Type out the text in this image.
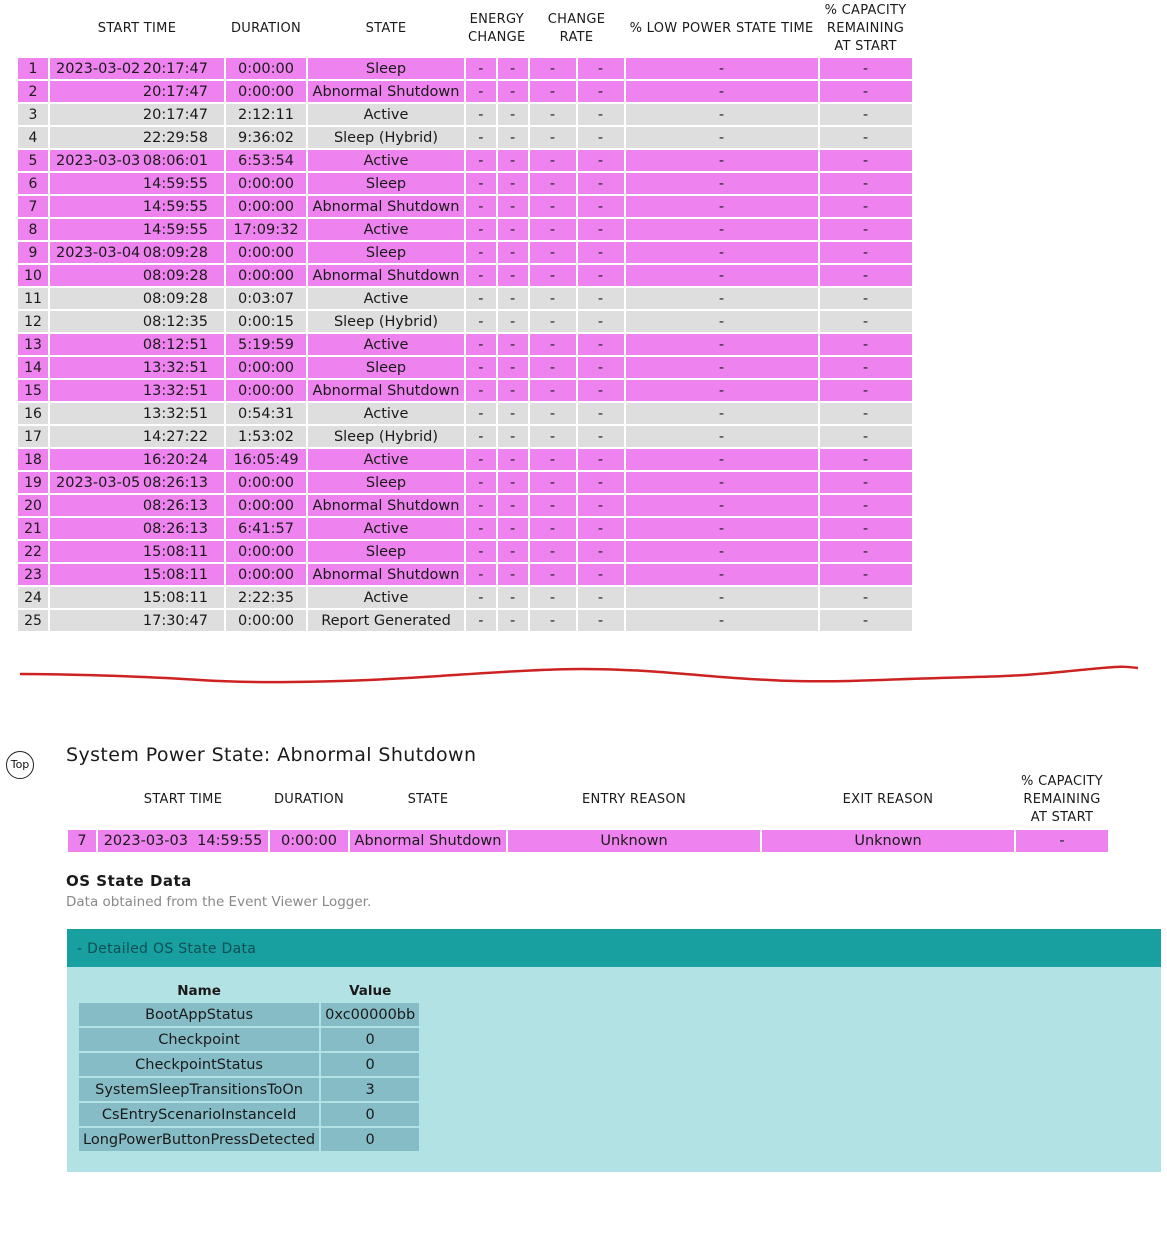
	START TIME	DURATION	STATE	ENERGY CHANGE		CHANGE RATE		% LOW POWER STATE TIME	% CAPACITY REMAINING AT START
1	2023-03-02 20:17:47	0:00:00	Sleep	-	-	-	-	-	-
2	20:17:47	0:00:00	Abnormal Shutdown	-	-	-	-	-	-
3	20:17:47	2:12:11	Active	-	-	-	-	-	-
4	22:29:58	9:36:02	Sleep (Hybrid)	-	-	-	-	-	-
5	2023-03-03 08:06:01	6:53:54	Active	-	-	-	-	-	-
6	14:59:55	0:00:00	Sleep	-	-	-	-	-	-
7	14:59:55	0:00:00	Abnormal Shutdown	-	-	-	-	-	-
8	14:59:55	17:09:32	Active	-	-	-	-	-	-
9	2023-03-04 08:09:28	0:00:00	Sleep	-	-	-	-	-	-
10	08:09:28	0:00:00	Abnormal Shutdown	-	-	-	-	-	-
11	08:09:28	0:03:07	Active	-	-	-	-	-	-
12	08:12:35	0:00:15	Sleep (Hybrid)	-	-	-	-	-	-
13	08:12:51	5:19:59	Active	-	-	-	-	-	-
14	13:32:51	0:00:00	Sleep	-	-	-	-	-	-
15	13:32:51	0:00:00	Abnormal Shutdown	-	-	-	-	-	-
16	13:32:51	0:54:31	Active	-	-	-	-	-	-
17	14:27:22	1:53:02	Sleep (Hybrid)	-	-	-	-	-	-
18	16:20:24	16:05:49	Active	-	-	-	-	-	-
19	2023-03-05 08:26:13	0:00:00	Sleep	-	-	-	-	-	-
20	08:26:13	0:00:00	Abnormal Shutdown	-	-	-	-	-	-
21	08:26:13	6:41:57	Active	-	-	-	-	-	-
22	15:08:11	0:00:00	Sleep	-	-	-	-	-	-
23	15:08:11	0:00:00	Abnormal Shutdown	-	-	-	-	-	-
24	15:08:11	2:22:35	Active	-	-	-	-	-	-
25	17:30:47	0:00:00	Report Generated	-	-	-	-	-	-
Top System Power State: Abnormal Shutdown
	START TIME	DURATION	STATE	ENTRY REASON	EXIT REASON	% CAPACITY REMAINING AT START
7	2023-03-03  14:59:55	0:00:00	Abnormal Shutdown	Unknown	Unknown	-
OS State Data
Data obtained from the Event Viewer Logger.
- Detailed OS State Data
Name	Value
BootAppStatus	0xc00000bb
Checkpoint	0
CheckpointStatus	0
SystemSleepTransitionsToOn	3
CsEntryScenarioInstanceId	0
LongPowerButtonPressDetected	0
